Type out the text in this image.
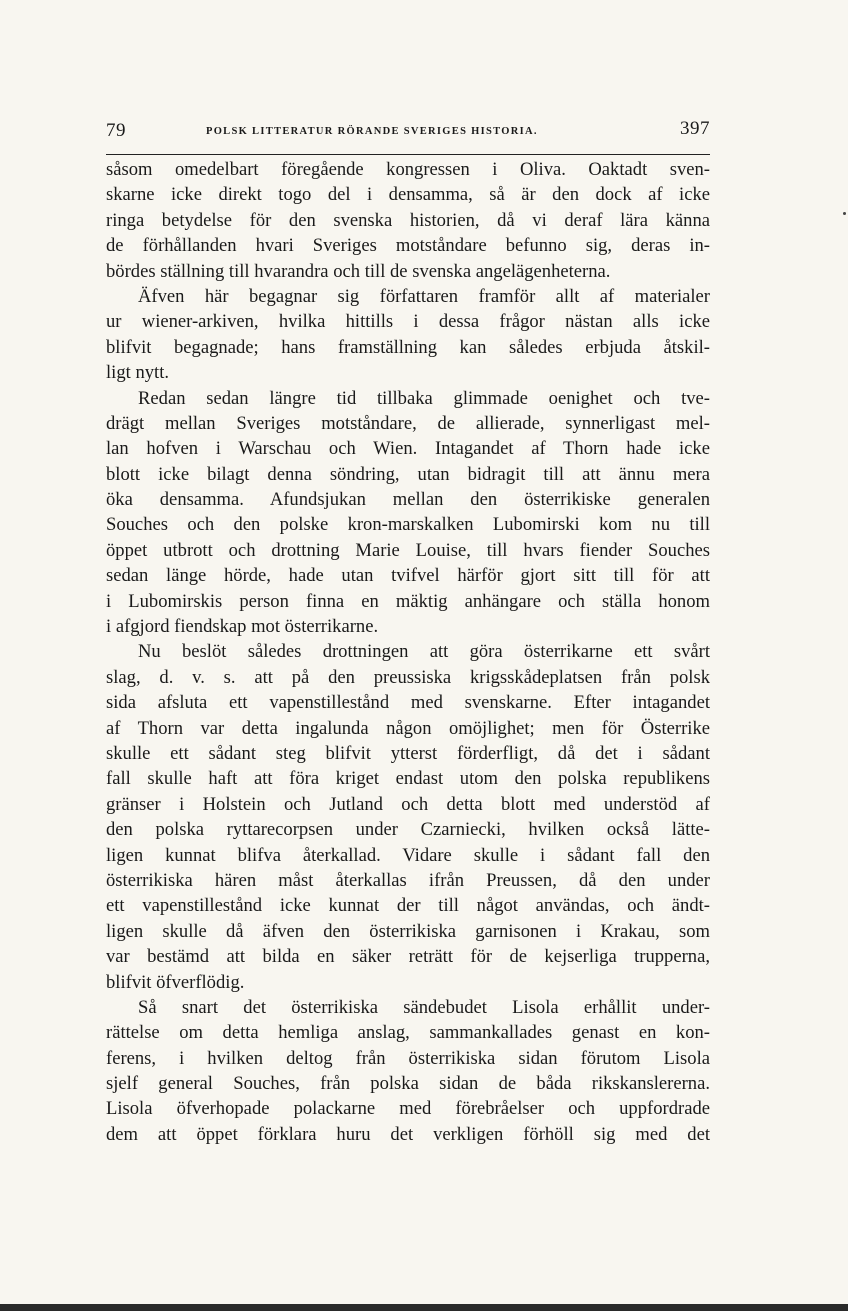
79	POLSK LITTERATUR RÖRANDE SVERIGES HISTORIA.	397
såsom omedelbart föregående kongressen i Oliva. Oaktadt sven-
skarne icke direkt togo del i densamma, så är den dock af icke
ringa betydelse för den svenska historien, då vi deraf lära känna
de förhållanden hvari Sveriges motståndare befunno sig, deras in-
bördes ställning till hvarandra och till de svenska angelägenheterna.
Äfven här begagnar sig författaren framför allt af materialer
ur wiener-arkiven, hvilka hittills i dessa frågor nästan alls icke
blifvit begagnade; hans framställning kan således erbjuda åtskil-
ligt nytt.
Redan sedan längre tid tillbaka glimmade oenighet och tve-
drägt mellan Sveriges motståndare, de allierade, synnerligast mel-
lan hofven i Warschau och Wien. Intagandet af Thorn hade icke
blott icke bilagt denna söndring, utan bidragit till att ännu mera
öka densamma. Afundsjukan mellan den österrikiske generalen
Souches och den polske kron-marskalken Lubomirski kom nu till
öppet utbrott och drottning Marie Louise, till hvars fiender Souches
sedan länge hörde, hade utan tvifvel härför gjort sitt till för att
i Lubomirskis person finna en mäktig anhängare och ställa honom
i afgjord fiendskap mot österrikarne.
Nu beslöt således drottningen att göra österrikarne ett svårt
slag, d. v. s. att på den preussiska krigsskådeplatsen från polsk
sida afsluta ett vapenstillestånd med svenskarne. Efter intagandet
af Thorn var detta ingalunda någon omöjlighet; men för Österrike
skulle ett sådant steg blifvit ytterst förderfligt, då det i sådant
fall skulle haft att föra kriget endast utom den polska republikens
gränser i Holstein och Jutland och detta blott med understöd af
den polska ryttarecorpsen under Czarniecki, hvilken också lätte-
ligen kunnat blifva återkallad. Vidare skulle i sådant fall den
österrikiska hären måst återkallas ifrån Preussen, då den under
ett vapenstillestånd icke kunnat der till något användas, och ändt-
ligen skulle då äfven den österrikiska garnisonen i Krakau, som
var bestämd att bilda en säker reträtt för de kejserliga trupperna,
blifvit öfverflödig.
Så snart det österrikiska sändebudet Lisola erhållit under-
rättelse om detta hemliga anslag, sammankallades genast en kon-
ferens, i hvilken deltog från österrikiska sidan förutom Lisola
sjelf general Souches, från polska sidan de båda rikskanslererna.
Lisola öfverhopade polackarne med förebråelser och uppfordrade
dem att öppet förklara huru det verkligen förhöll sig med det
